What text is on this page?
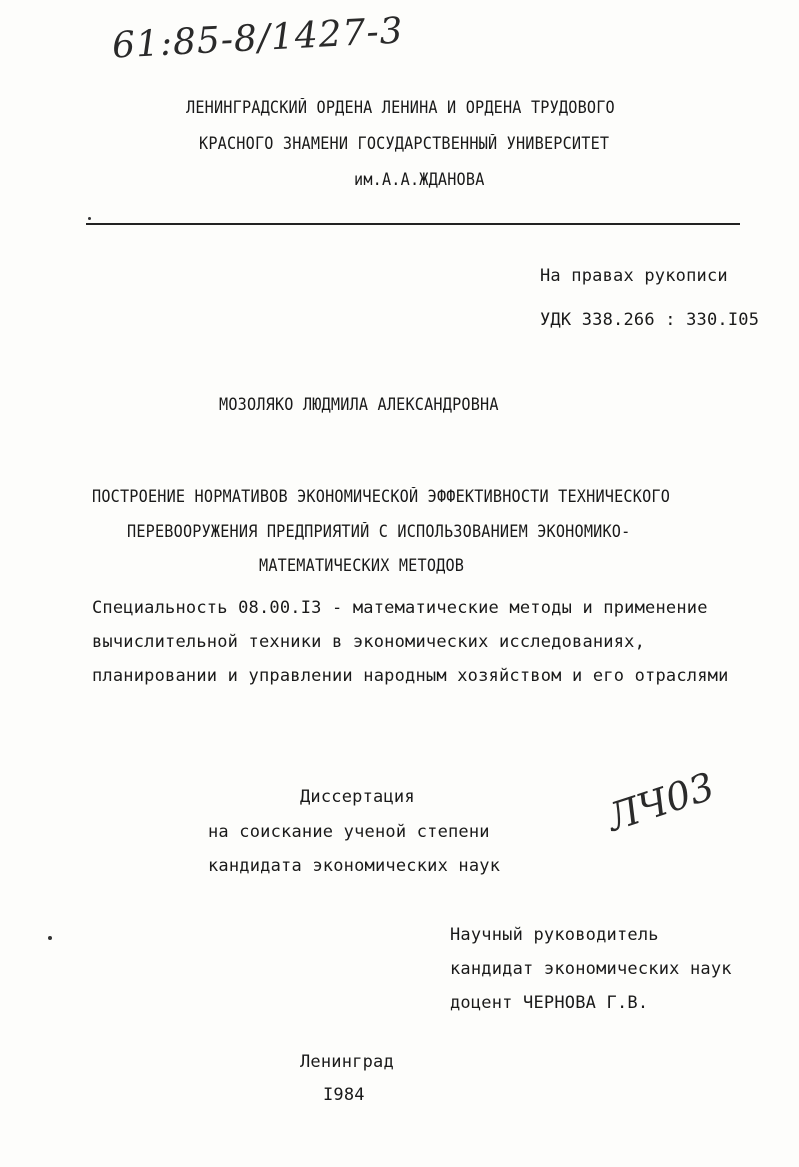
61:85-8/1427-3
ЛЕНИНГРАДСКИЙ ОРДЕНА ЛЕНИНА И ОРДЕНА ТРУДОВОГО
КРАСНОГО ЗНАМЕНИ ГОСУДАРСТВЕННЫЙ УНИВЕРСИТЕТ
им.А.А.ЖДАНОВА
На правах рукописи
УДК 338.266 : 330.I05
МОЗОЛЯКО ЛЮДМИЛА АЛЕКСАНДРОВНА
ПОСТРОЕНИЕ НОРМАТИВОВ ЭКОНОМИЧЕСКОЙ ЭФФЕКТИВНОСТИ ТЕХНИЧЕСКОГО
ПЕРЕВООРУЖЕНИЯ ПРЕДПРИЯТИЙ С ИСПОЛЬЗОВАНИЕМ ЭКОНОМИКО-
МАТЕМАТИЧЕСКИХ МЕТОДОВ
Специальность 08.00.I3 - математические методы и применение
вычислительной техники в экономических исследованиях,
планировании и управлении народным хозяйством и его отраслями
Диссертация
на соискание ученой степени
кандидата экономических наук
ЛЧ03
Научный руководитель
кандидат экономических наук
доцент ЧЕРНОВА Г.В.
Ленинград
I984
